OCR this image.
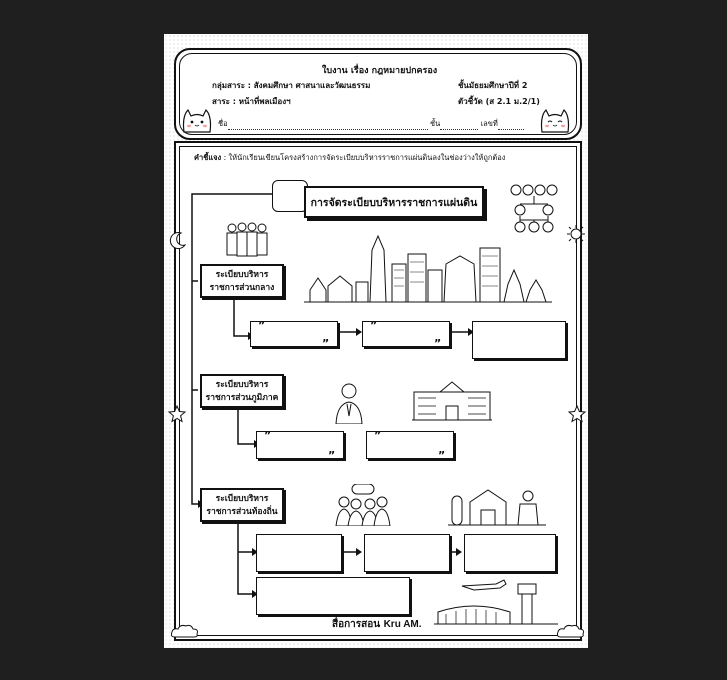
ใบงาน เรื่อง กฎหมายปกครอง
กลุ่มสาระ : สังคมศึกษา ศาสนาและวัฒนธรรม	ชั้นมัธยมศึกษาปีที่ 2
สาระ : หน้าที่พลเมืองฯ	ตัวชี้วัด (ส 2.1 ม.2/1)
ชื่อ	ชั้น	เลขที่
คำชี้แจง : ให้นักเรียนเขียนโครงสร้างการจัดระเบียบบริหารราชการแผ่นดินลงในช่องว่างให้ถูกต้อง
การจัดระเบียบบริหารราชการแผ่นดิน
ระเบียบบริหาร
ราชการส่วนกลาง
”
”
”
”
ระเบียบบริหาร
ราชการส่วนภูมิภาค
”
”
”
”
ระเบียบบริหาร
ราชการส่วนท้องถิ่น
สื่อการสอน Kru AM.
